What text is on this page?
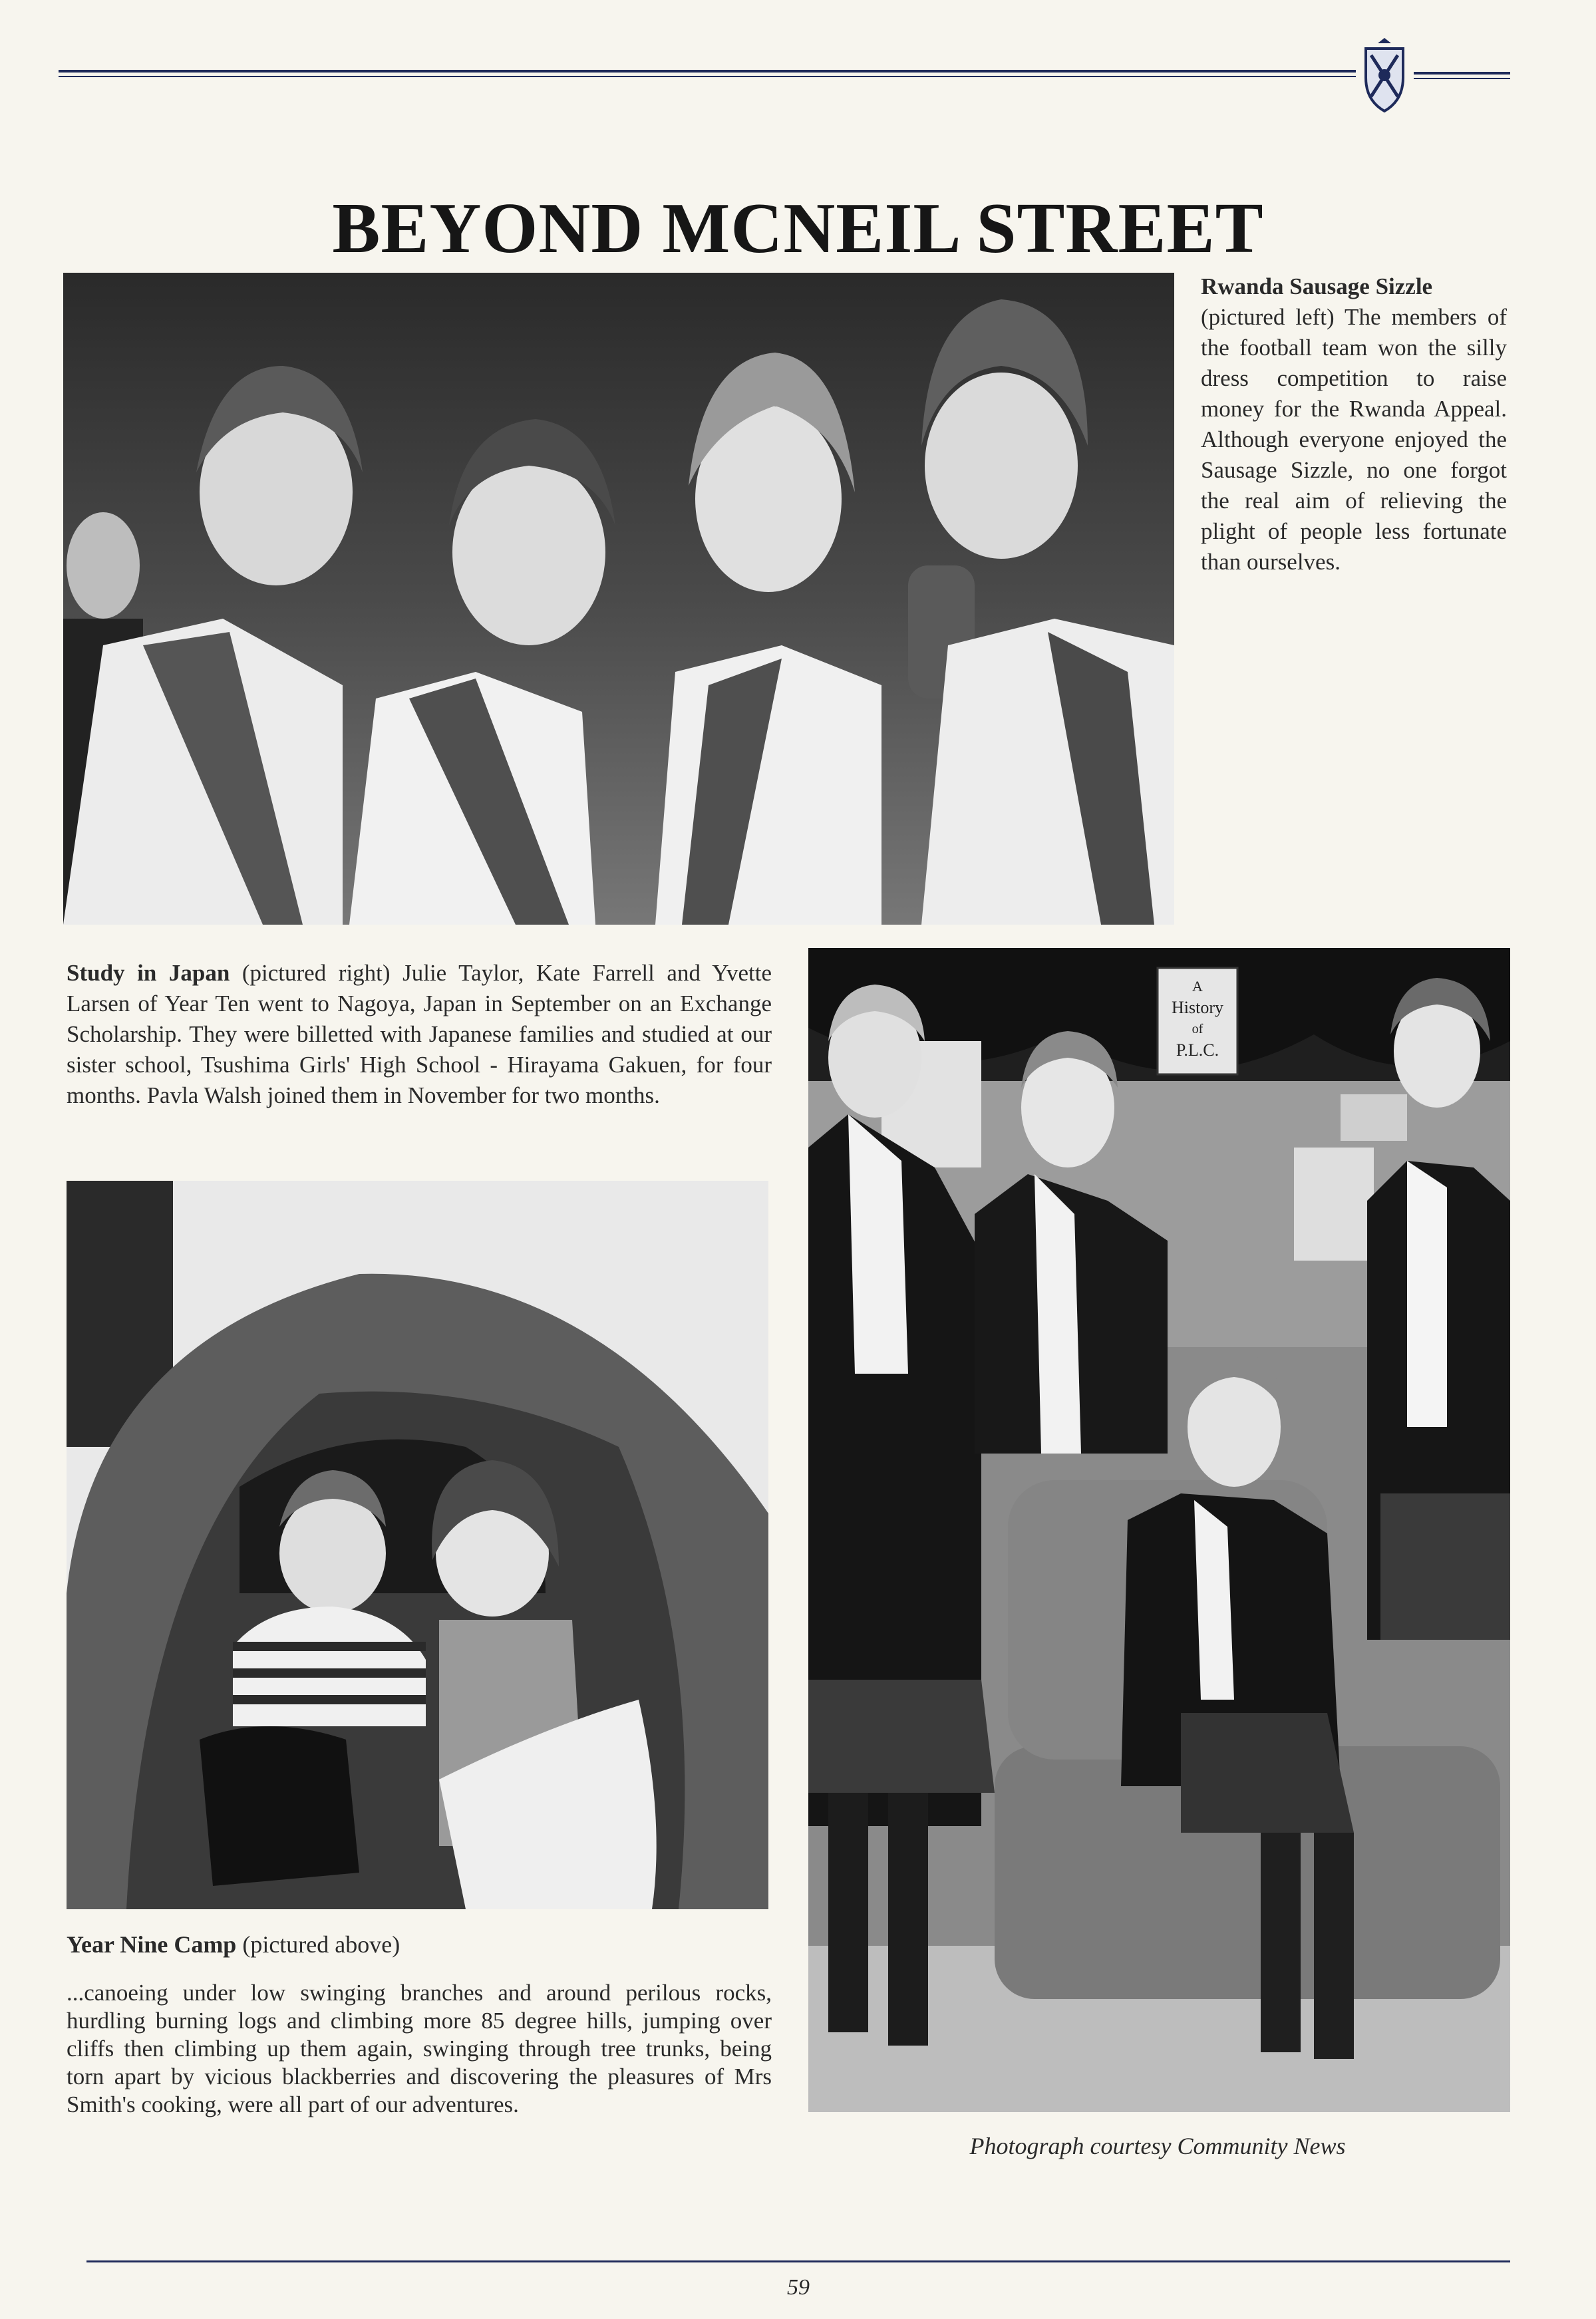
BEYOND MCNEIL STREET
Rwanda Sausage Sizzle
(pictured left) The members of the football team won the silly dress competition to raise money for the Rwanda Appeal. Although everyone enjoyed the Sausage Sizzle, no one forgot the real aim of relieving the plight of people less fortunate than ourselves.
Study in Japan (pictured right) Julie Taylor, Kate Farrell and Yvette Larsen of Year Ten went to Nagoya, Japan in September on an Exchange Scholarship. They were billetted with Japanese families and studied at our sister school, Tsushima Girls' High School - Hirayama Gakuen, for four months. Pavla Walsh joined them in November for two months.
A
History
of
P.L.C.
Year Nine Camp (pictured above)
...canoeing under low swinging branches and around perilous rocks, hurdling burning logs and climbing more 85 degree hills, jumping over cliffs then climbing up them again, swinging through tree trunks, being torn apart by vicious blackberries and discovering the pleasures of Mrs Smith's cooking, were all part of our adventures.
Photograph courtesy Community News
59
